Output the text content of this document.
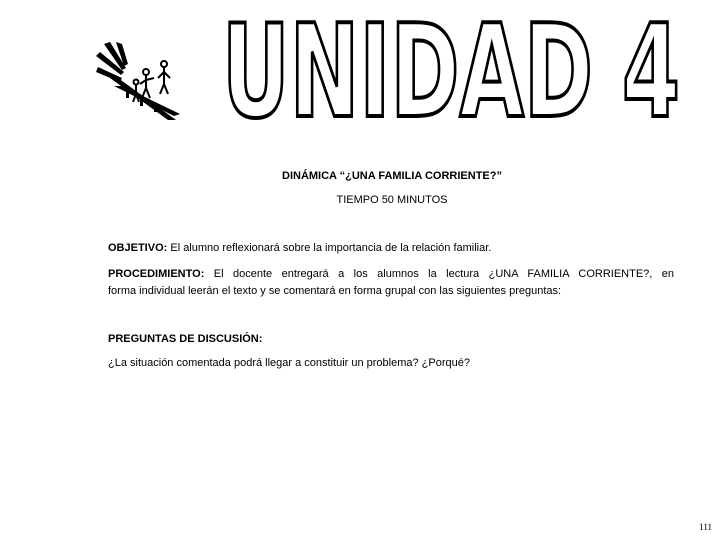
UNIDAD 4
DINÁMICA “¿UNA FAMILIA CORRIENTE?”
TIEMPO 50 MINUTOS
OBJETIVO: El alumno reflexionará sobre la importancia de la relación familiar.
PROCEDIMIENTO: El docente entregará a los alumnos la lectura ¿UNA FAMILIA CORRIENTE?, en
forma individual leerán el texto y se comentará en forma grupal con las siguientes preguntas:
PREGUNTAS DE DISCUSIÓN:
¿La situación comentada podrá llegar a constituir un problema? ¿Porqué?
111
